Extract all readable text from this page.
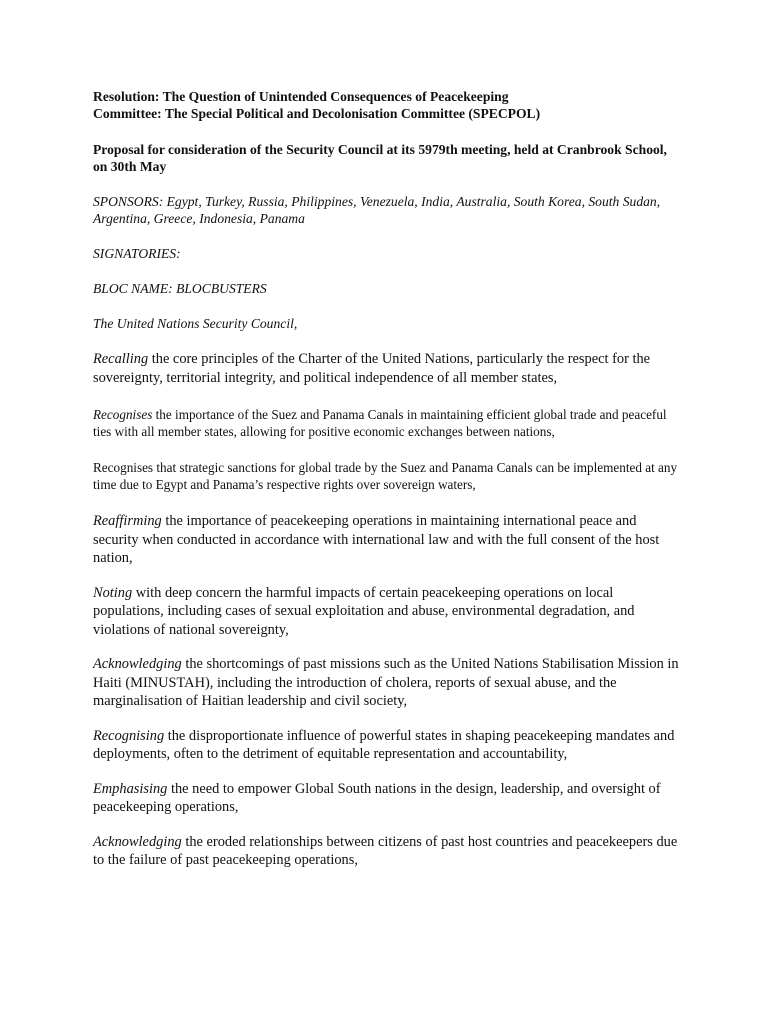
Resolution: The Question of Unintended Consequences of Peacekeeping

Committee: The Special Political and Decolonisation Committee (SPECPOL)

Proposal for consideration of the Security Council at its 5979th meeting, held at Cranbrook School, on 30th May

SPONSORS: Egypt, Turkey, Russia, Philippines, Venezuela, India, Australia, South Korea, South Sudan, Argentina, Greece, Indonesia, Panama

SIGNATORIES:

BLOC NAME: BLOCBUSTERS

The United Nations Security Council,

Recalling the core principles of the Charter of the United Nations, particularly the respect for the sovereignty, territorial integrity, and political independence of all member states,

Recognises the importance of the Suez and Panama Canals in maintaining efficient global trade and peaceful ties with all member states, allowing for positive economic exchanges between nations,

Recognises that strategic sanctions for global trade by the Suez and Panama Canals can be implemented at any time due to Egypt and Panama’s respective rights over sovereign waters,

Reaffirming the importance of peacekeeping operations in maintaining international peace and security when conducted in accordance with international law and with the full consent of the host nation,

Noting with deep concern the harmful impacts of certain peacekeeping operations on local populations, including cases of sexual exploitation and abuse, environmental degradation, and violations of national sovereignty,

Acknowledging the shortcomings of past missions such as the United Nations Stabilisation Mission in Haiti (MINUSTAH), including the introduction of cholera, reports of sexual abuse, and the marginalisation of Haitian leadership and civil society,

Recognising the disproportionate influence of powerful states in shaping peacekeeping mandates and deployments, often to the detriment of equitable representation and accountability,

Emphasising the need to empower Global South nations in the design, leadership, and oversight of peacekeeping operations,

Acknowledging the eroded relationships between citizens of past host countries and peacekeepers due to the failure of past peacekeeping operations,
